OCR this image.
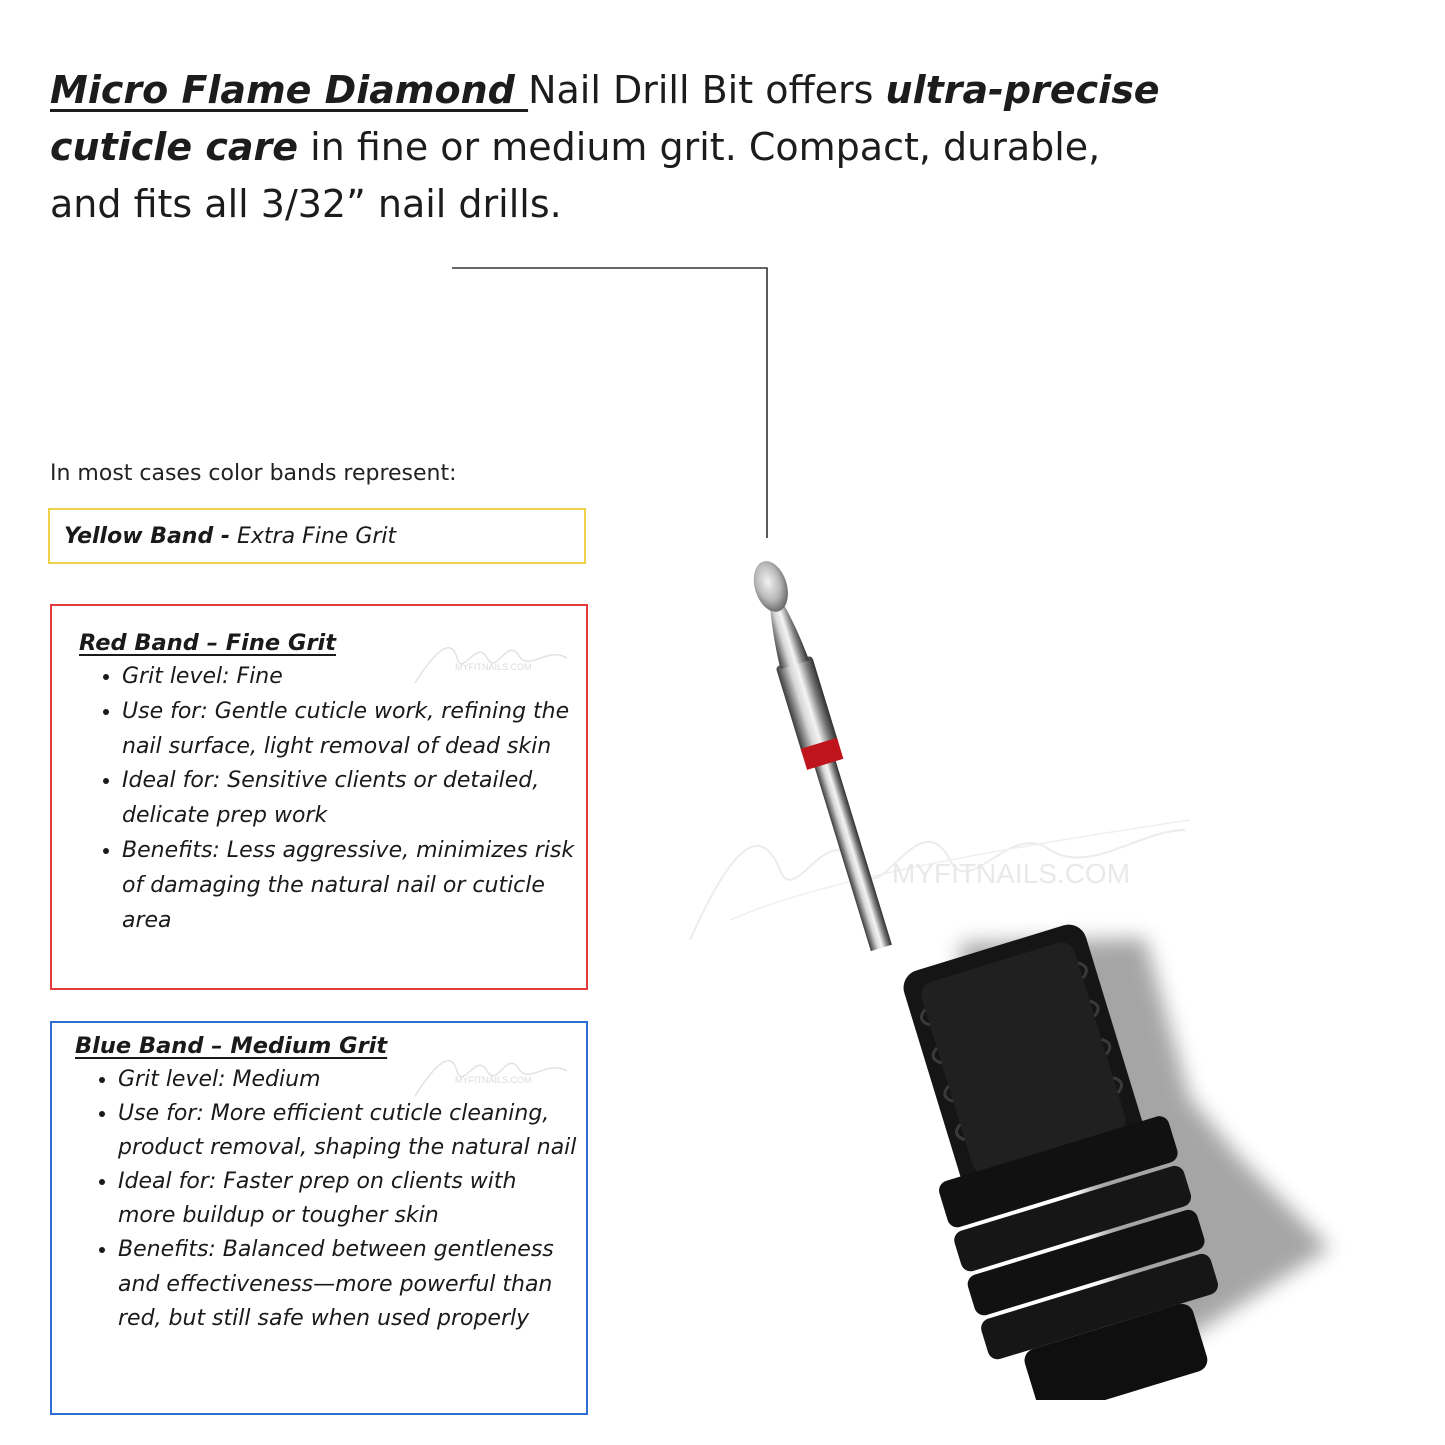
Micro Flame Diamond Nail Drill Bit offers ultra-precise cuticle care in fine or medium grit. Compact, durable, and fits all 3/32” nail drills.
In most cases color bands represent:
Yellow Band - Extra Fine Grit
MYFITNAILS.COM
Red Band – Fine Grit
• Grit level: Fine
• Use for: Gentle cuticle work, refining the nail surface, light removal of dead skin
• Ideal for: Sensitive clients or detailed, delicate prep work
• Benefits: Less aggressive, minimizes risk of damaging the natural nail or cuticle area
MYFITNAILS.COM
Blue Band – Medium Grit
• Grit level: Medium
• Use for: More efficient cuticle cleaning, product removal, shaping the natural nail
• Ideal for: Faster prep on clients with more buildup or tougher skin
• Benefits: Balanced between gentleness and effectiveness—more powerful than red, but still safe when used properly
MYFITNAILS.COM
